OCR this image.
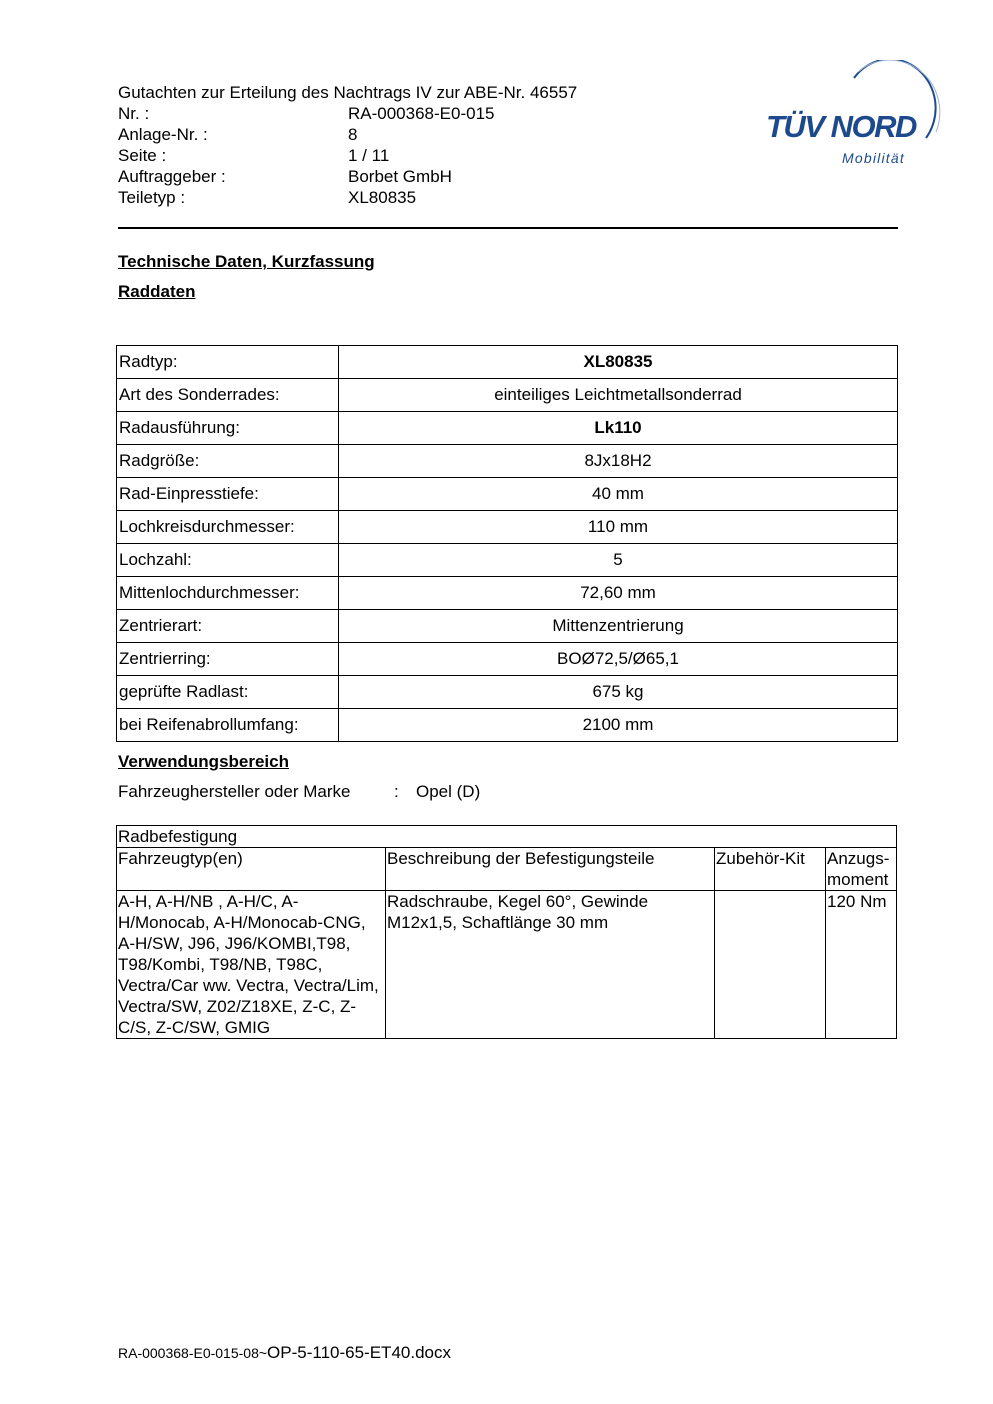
Gutachten zur Erteilung des Nachtrags IV zur ABE-Nr. 46557
Nr. :	RA-000368-E0-015
Anlage-Nr. :	8
Seite :	1 / 11
Auftraggeber :	Borbet GmbH
Teiletyp :	XL80835
TÜV NORD
Mobilität
Technische Daten, Kurzfassung
Raddaten
Radtyp:	XL80835
Art des Sonderrades:	einteiliges Leichtmetallsonderrad
Radausführung:	Lk110
Radgröße:	8Jx18H2
Rad-Einpresstiefe:	40 mm
Lochkreisdurchmesser:	110 mm
Lochzahl:	5
Mittenlochdurchmesser:	72,60 mm
Zentrierart:	Mittenzentrierung
Zentrierring:	BOØ72,5/Ø65,1
geprüfte Radlast:	675 kg
bei Reifenabrollumfang:	2100 mm
Verwendungsbereich
Fahrzeughersteller oder Marke	:	Opel (D)
Radbefestigung			
Fahrzeugtyp(en)	Beschreibung der Befestigungsteile	Zubehör-Kit	Anzugs-moment
A-H, A-H/NB , A-H/C, A-H/Monocab, A-H/Monocab-CNG, A-H/SW, J96, J96/KOMBI,T98, T98/Kombi, T98/NB, T98C, Vectra/Car ww. Vectra, Vectra/Lim, Vectra/SW, Z02/Z18XE, Z-C, Z-C/S, Z-C/SW, GMIG	Radschraube, Kegel 60°, Gewinde M12x1,5, Schaftlänge 30 mm		120 Nm
RA-000368-E0-015-08~OP-5-110-65-ET40.docx
